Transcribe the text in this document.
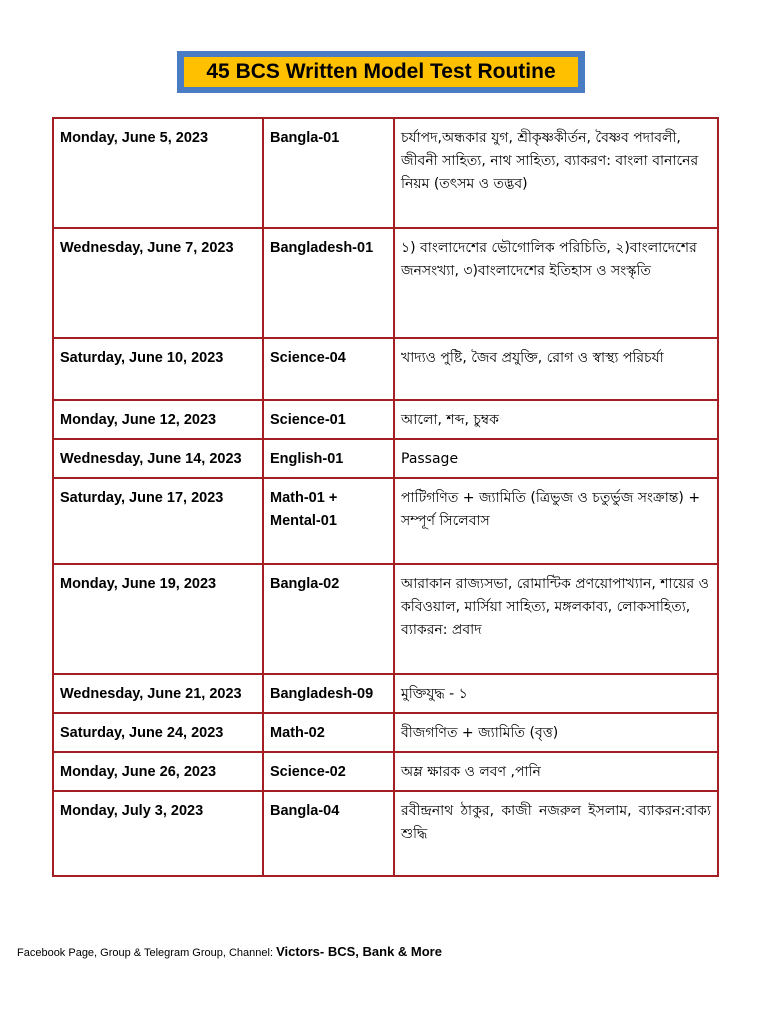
45 BCS Written Model Test Routine
Monday, June 5, 2023	Bangla-01	চর্যাপদ,অন্ধকার যুগ, শ্রীকৃষ্ণকীর্তন, বৈষ্ণব পদাবলী, জীবনী সাহিত্য, নাথ সাহিত্য, ব্যাকরণ: বাংলা বানানের নিয়ম (তৎসম ও তদ্ভব)
Wednesday, June 7, 2023	Bangladesh-01	১) বাংলাদেশের ভৌগোলিক পরিচিতি, ২)বাংলাদেশের জনসংখ্যা, ৩)বাংলাদেশের ইতিহাস ও সংস্কৃতি
Saturday, June 10, 2023	Science-04	খাদ্যও পুষ্টি, জৈব প্রযুক্তি, রোগ ও স্বাস্থ্য পরিচর্যা
Monday, June 12, 2023	Science-01	আলো, শব্দ, চুম্বক
Wednesday, June 14, 2023	English-01	Passage
Saturday, June 17, 2023	Math-01 + Mental-01	পাটিগণিত + জ্যামিতি (ত্রিভুজ ও চতুর্ভুজ সংক্রান্ত) + সম্পূর্ণ সিলেবাস
Monday, June 19, 2023	Bangla-02	আরাকান রাজ্যসভা, রোমান্টিক প্রণয়োপাখ্যান, শায়ের ও কবিওয়াল, মার্সিয়া সাহিত্য, মঙ্গলকাব্য, লোকসাহিত্য, ব্যাকরন: প্রবাদ
Wednesday, June 21, 2023	Bangladesh-09	মুক্তিযুদ্ধ - ১
Saturday, June 24, 2023	Math-02	বীজগণিত + জ্যামিতি (বৃত্ত)
Monday, June 26, 2023	Science-02	অম্ল ক্ষারক ও লবণ ,পানি
Monday, July 3, 2023	Bangla-04	রবীন্দ্রনাথ ঠাকুর, কাজী নজরুল ইসলাম, ব্যাকরন:বাক্য শুদ্ধি
Facebook Page, Group & Telegram Group, Channel: Victors- BCS, Bank & More
